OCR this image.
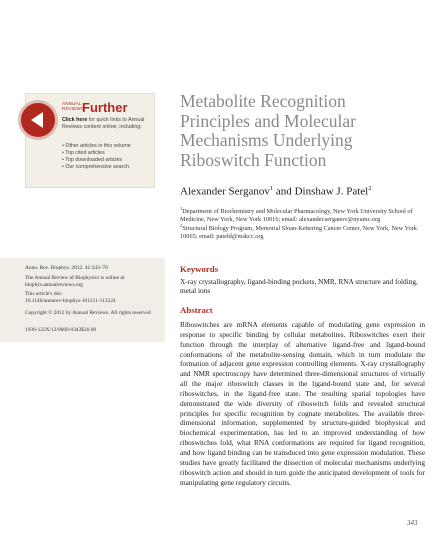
ANNUAL REVIEWS
Further
Click here for quick links to Annual Reviews content online, including:
• Other articles in this volume
• Top cited articles
• Top downloaded articles
• Our comprehensive search
Metabolite Recognition
Principles and Molecular
Mechanisms Underlying
Riboswitch Function
Alexander Serganov$^1$ and Dinshaw J. Patel$^2$
$^1$Department of Biochemistry and Molecular Pharmacology, New York University School of Medicine, New York, New York 10016; email: alexander.serganov@nyumc.org
$^2$Structural Biology Program, Memorial Sloan-Kettering Cancer Center, New York, New York 10065; email: pateld@mskcc.org
Annu. Rev. Biophys. 2012. 41:343–70
The Annual Review of Biophysics is online at biophys.annualreviews.org
This article's doi:
10.1146/annurev-biophys-101211-113224
Copyright © 2012 by Annual Reviews. All rights reserved
1936-122X/12/0609-0343$20.00
Keywords
X-ray crystallography, ligand-binding pockets, NMR, RNA structure and folding, metal ions
Abstract

Riboswitches are mRNA elements capable of modulating gene expression in response to specific binding by cellular metabolites. Riboswitches exert their function through the interplay of alternative ligand-free and ligand-bound conformations of the metabolite-sensing domain, which in turn modulate the formation of adjacent gene expression controlling elements. X-ray crystallography and NMR spectroscopy have determined three-dimensional structures of virtually all the major riboswitch classes in the ligand-bound state and, for several riboswitches, in the ligand-free state. The resulting spatial topologies have demonstrated the wide diversity of riboswitch folds and revealed structural principles for specific recognition by cognate metabolites. The available three-dimensional information, supplemented by structure-guided biophysical and biochemical experimentation, has led to an improved understanding of how riboswitches fold, what RNA conformations are required for ligand recognition, and how ligand binding can be transduced into gene expression modulation. These studies have greatly facilitated the dissection of molecular mechanisms underlying riboswitch action and should in turn guide the anticipated development of tools for manipulating gene regulatory circuits.

343
